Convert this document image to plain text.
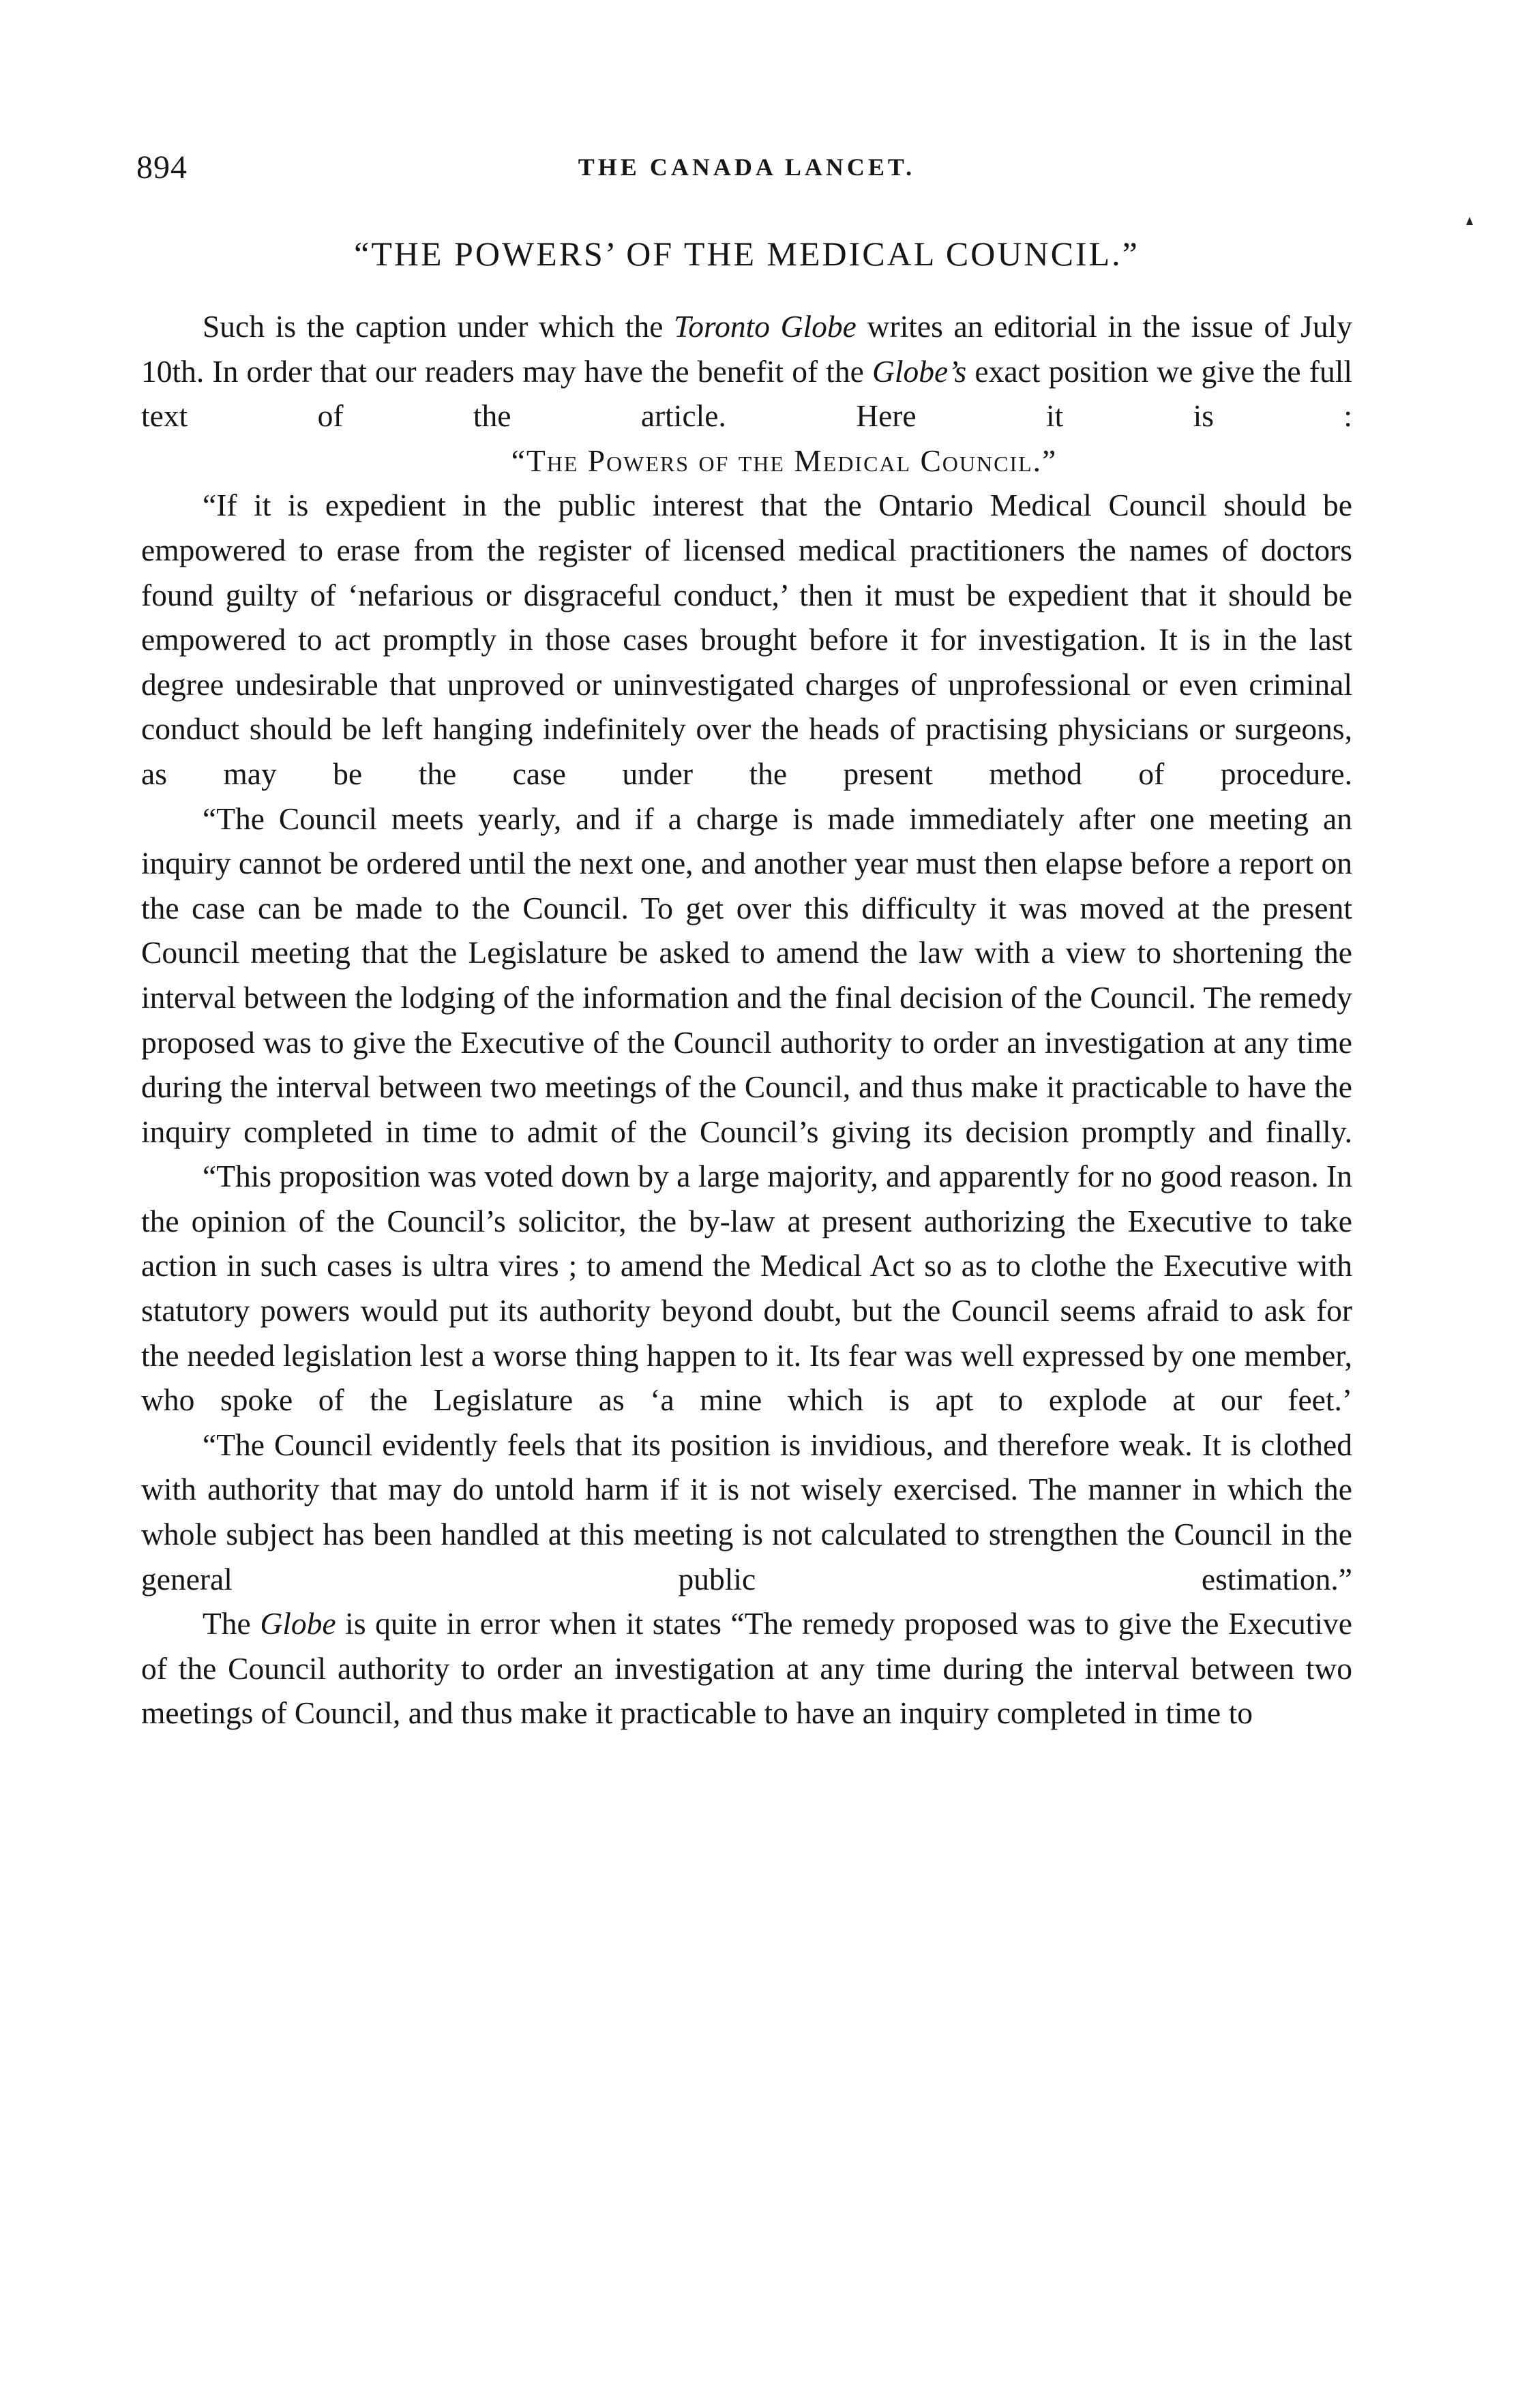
894	THE CANADA LANCET.
“THE POWERS’ OF THE MEDICAL COUNCIL.”

Such is the caption under which the Toronto Globe writes an editorial in the issue of July 10th. In order that our readers may have the benefit of the Globe’s exact position we give the full text of the article. Here it is :

“The Powers of the Medical Council.”

“If it is expedient in the public interest that the Ontario Medical Council should be empowered to erase from the register of licensed medical practitioners the names of doctors found guilty of ‘nefarious or disgraceful conduct,’ then it must be expedient that it should be empowered to act promptly in those cases brought before it for investigation. It is in the last degree undesirable that unproved or uninvestigated charges of unprofessional or even criminal conduct should be left hanging indefinitely over the heads of practising physicians or surgeons, as may be the case under the present method of procedure.

“The Council meets yearly, and if a charge is made immediately after one meeting an inquiry cannot be ordered until the next one, and another year must then elapse before a report on the case can be made to the Council. To get over this difficulty it was moved at the present Council meeting that the Legislature be asked to amend the law with a view to shortening the interval between the lodging of the information and the final decision of the Council. The remedy proposed was to give the Executive of the Council authority to order an investigation at any time during the interval between two meetings of the Council, and thus make it practicable to have the inquiry completed in time to admit of the Council’s giving its decision promptly and finally.

“This proposition was voted down by a large majority, and apparently for no good reason. In the opinion of the Council’s solicitor, the by-law at present authorizing the Executive to take action in such cases is ultra vires ; to amend the Medical Act so as to clothe the Executive with statutory powers would put its authority beyond doubt, but the Council seems afraid to ask for the needed legislation lest a worse thing happen to it. Its fear was well expressed by one member, who spoke of the Legislature as ‘a mine which is apt to explode at our feet.’

“The Council evidently feels that its position is invidious, and therefore weak. It is clothed with authority that may do untold harm if it is not wisely exercised. The manner in which the whole subject has been handled at this meeting is not calculated to strengthen the Council in the general public estimation.”

The Globe is quite in error when it states “The remedy proposed was to give the Executive of the Council authority to order an investigation at any time during the interval between two meetings of Council, and thus make it practicable to have an inquiry completed in time to
